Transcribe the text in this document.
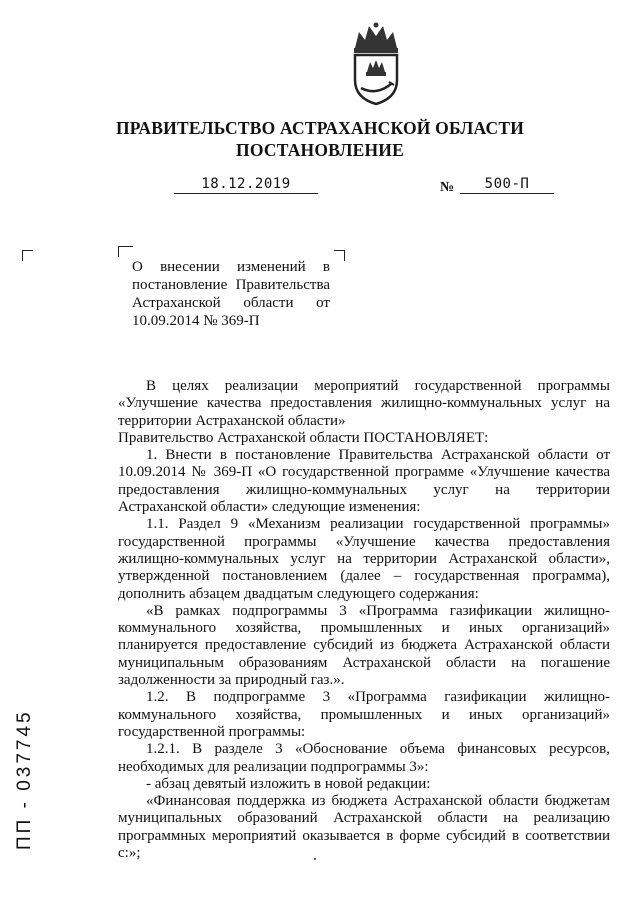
ПРАВИТЕЛЬСТВО АСТРАХАНСКОЙ ОБЛАСТИ
ПОСТАНОВЛЕНИЕ
18.12.2019	№	500-П
О внесении изменений в постановление Правительства Астраханской области от 10.09.2014 № 369-П

В целях реализации мероприятий государственной программы «Улучшение качества предоставления жилищно-коммунальных услуг на территории Астраханской области»

Правительство Астраханской области ПОСТАНОВЛЯЕТ:

1. Внести в постановление Правительства Астраханской области от 10.09.2014 № 369-П «О государственной программе «Улучшение качества предоставления жилищно-коммунальных услуг на территории Астраханской области» следующие изменения:

1.1. Раздел 9 «Механизм реализации государственной программы» государственной программы «Улучшение качества предоставления жилищно-коммунальных услуг на территории Астраханской области», утвержденной постановлением (далее – государственная программа), дополнить абзацем двадцатым следующего содержания:

«В рамках подпрограммы 3 «Программа газификации жилищно-коммунального хозяйства, промышленных и иных организаций» планируется предоставление субсидий из бюджета Астраханской области муниципальным образованиям Астраханской области на погашение задолженности за природный газ.».

1.2. В подпрограмме 3 «Программа газификации жилищно-коммунального хозяйства, промышленных и иных организаций» государственной программы:

1.2.1. В разделе 3 «Обоснование объема финансовых ресурсов, необходимых для реализации подпрограммы 3»:

- абзац девятый изложить в новой редакции:

«Финансовая поддержка из бюджета Астраханской области бюджетам муниципальных образований Астраханской области на реализацию программных мероприятий оказывается в форме субсидий в соответствии с:»;

ПП - 037745
